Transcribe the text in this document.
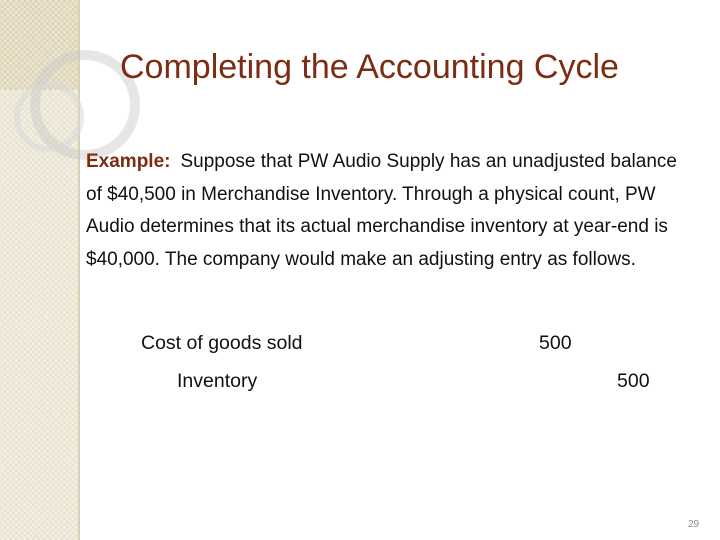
Completing the Accounting Cycle
Example: Suppose that PW Audio Supply has an unadjusted balance of $40,500 in Merchandise Inventory. Through a physical count, PW Audio determines that its actual merchandise inventory at year-end is $40,000. The company would make an adjusting entry as follows.
Cost of goods sold	500
Inventory	500
29
